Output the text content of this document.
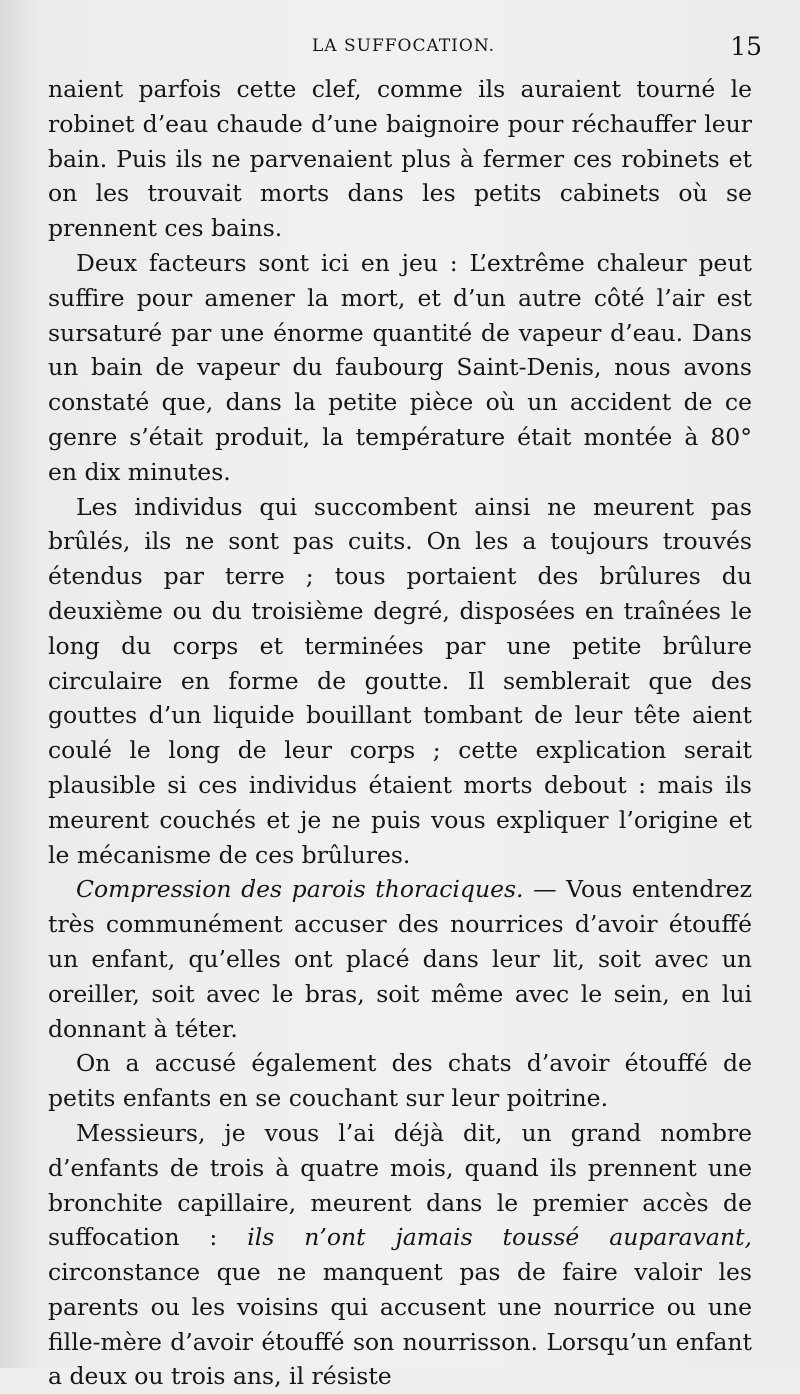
LA SUFFOCATION.	15

naient parfois cette clef, comme ils auraient tourné le robinet d’eau chaude d’une baignoire pour réchauffer leur bain. Puis ils ne parvenaient plus à fermer ces robinets et on les trouvait morts dans les petits cabinets où se prennent ces bains.

Deux facteurs sont ici en jeu : L’extrême chaleur peut suffire pour amener la mort, et d’un autre côté l’air est sursaturé par une énorme quantité de vapeur d’eau. Dans un bain de vapeur du faubourg Saint-Denis, nous avons constaté que, dans la petite pièce où un accident de ce genre s’était produit, la température était montée à 80° en dix minutes.

Les individus qui succombent ainsi ne meurent pas brûlés, ils ne sont pas cuits. On les a toujours trouvés étendus par terre ; tous portaient des brûlures du deuxième ou du troisième degré, disposées en traînées le long du corps et terminées par une petite brûlure circulaire en forme de goutte. Il semblerait que des gouttes d’un liquide bouillant tombant de leur tête aient coulé le long de leur corps ; cette explication serait plausible si ces individus étaient morts debout : mais ils meurent couchés et je ne puis vous expliquer l’origine et le mécanisme de ces brûlures.

Compression des parois thoraciques. — Vous entendrez très communément accuser des nourrices d’avoir étouffé un enfant, qu’elles ont placé dans leur lit, soit avec un oreiller, soit avec le bras, soit même avec le sein, en lui donnant à téter.

On a accusé également des chats d’avoir étouffé de petits enfants en se couchant sur leur poitrine.

Messieurs, je vous l’ai déjà dit, un grand nombre d’enfants de trois à quatre mois, quand ils prennent une bronchite capillaire, meurent dans le premier accès de suffocation : ils n’ont jamais toussé auparavant, circonstance que ne manquent pas de faire valoir les parents ou les voisins qui accusent une nourrice ou une fille-mère d’avoir étouffé son nourrisson. Lorsqu’un enfant a deux ou trois ans, il résiste
